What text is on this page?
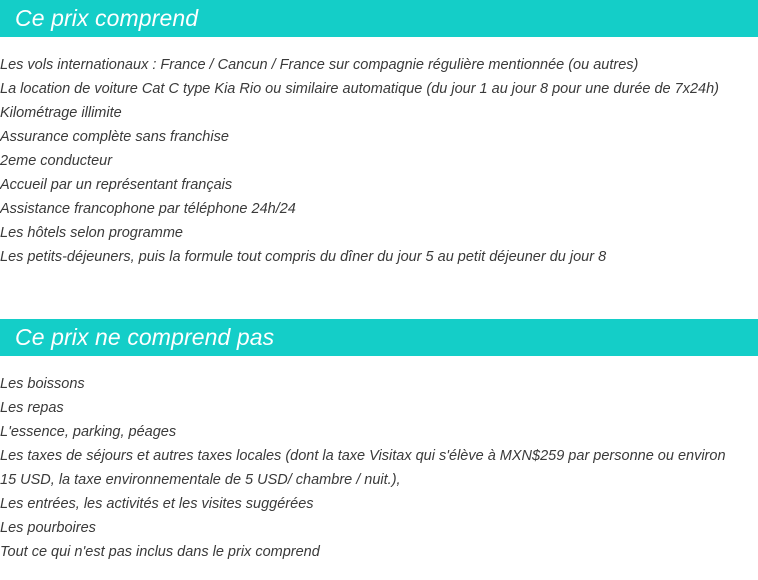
Ce prix comprend
Les vols internationaux : France / Cancun / France sur compagnie régulière mentionnée (ou autres)
La location de voiture Cat C type Kia Rio ou similaire automatique (du jour 1 au jour 8 pour une durée de 7x24h)
Kilométrage illimite
Assurance complète sans franchise
2eme conducteur
Accueil par un représentant français
Assistance francophone par téléphone 24h/24
Les hôtels selon programme
Les petits-déjeuners, puis la formule tout compris du dîner du jour 5 au petit déjeuner du jour 8
Ce prix ne comprend pas
Les boissons
Les repas
L'essence, parking, péages
Les taxes de séjours et autres taxes locales (dont la taxe Visitax qui s'élève à MXN$259 par personne ou environ 15 USD, la taxe environnementale de 5 USD/ chambre / nuit.),
Les entrées, les activités et les visites suggérées
Les pourboires
Tout ce qui n'est pas inclus dans le prix comprend
